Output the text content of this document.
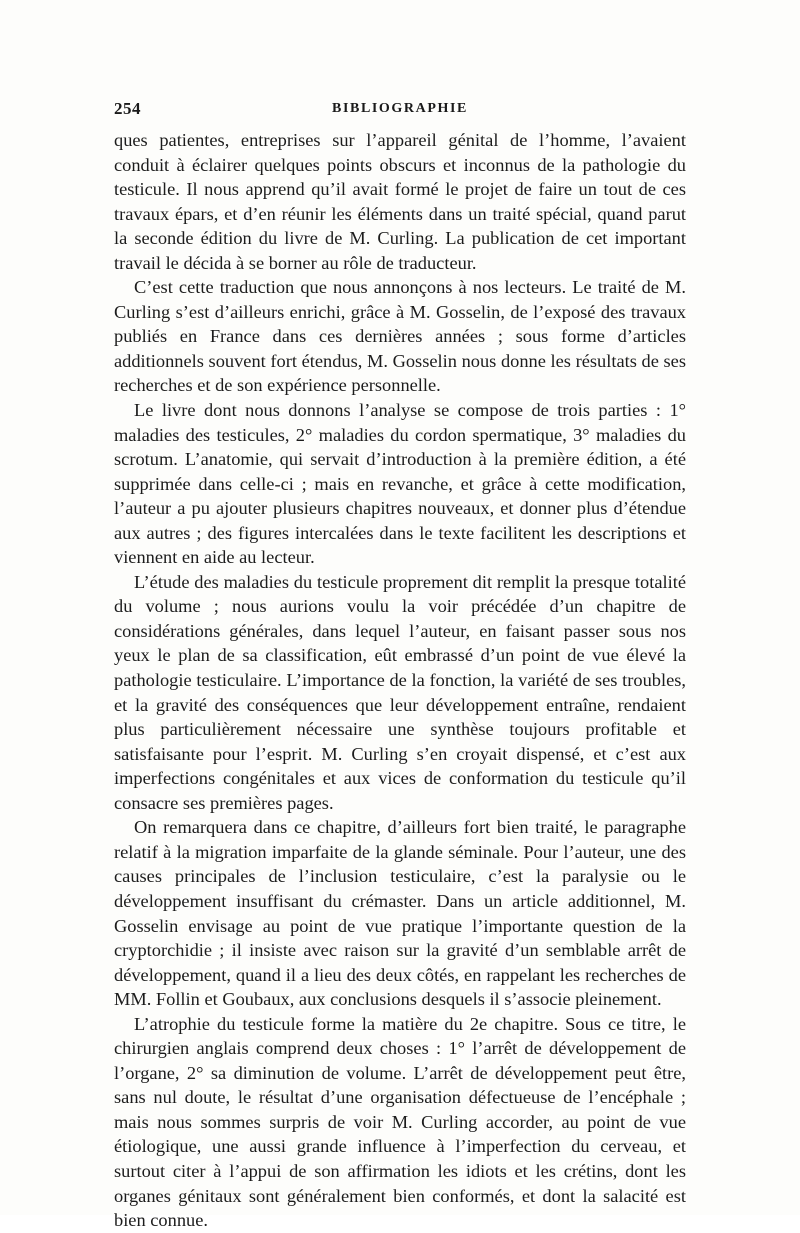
254	BIBLIOGRAPHIE

ques patientes, entreprises sur l’appareil génital de l’homme, l’avaient conduit à éclairer quelques points obscurs et inconnus de la pathologie du testicule. Il nous apprend qu’il avait formé le projet de faire un tout de ces travaux épars, et d’en réunir les éléments dans un traité spécial, quand parut la seconde édition du livre de M. Curling. La publication de cet important travail le décida à se borner au rôle de traducteur.

C’est cette traduction que nous annonçons à nos lecteurs. Le traité de M. Curling s’est d’ailleurs enrichi, grâce à M. Gosselin, de l’exposé des travaux publiés en France dans ces dernières années ; sous forme d’articles additionnels souvent fort étendus, M. Gosselin nous donne les résultats de ses recherches et de son expérience personnelle.

Le livre dont nous donnons l’analyse se compose de trois parties : 1° maladies des testicules, 2° maladies du cordon spermatique, 3° maladies du scrotum. L’anatomie, qui servait d’introduction à la première édition, a été supprimée dans celle-ci ; mais en revanche, et grâce à cette modification, l’auteur a pu ajouter plusieurs chapitres nouveaux, et donner plus d’étendue aux autres ; des figures intercalées dans le texte facilitent les descriptions et viennent en aide au lecteur.

L’étude des maladies du testicule proprement dit remplit la presque totalité du volume ; nous aurions voulu la voir précédée d’un chapitre de considérations générales, dans lequel l’auteur, en faisant passer sous nos yeux le plan de sa classification, eût embrassé d’un point de vue élevé la pathologie testiculaire. L’importance de la fonction, la variété de ses troubles, et la gravité des conséquences que leur développement entraîne, rendaient plus particulièrement nécessaire une synthèse toujours profitable et satisfaisante pour l’esprit. M. Curling s’en croyait dispensé, et c’est aux imperfections congénitales et aux vices de conformation du testicule qu’il consacre ses premières pages.

On remarquera dans ce chapitre, d’ailleurs fort bien traité, le paragraphe relatif à la migration imparfaite de la glande séminale. Pour l’auteur, une des causes principales de l’inclusion testiculaire, c’est la paralysie ou le développement insuffisant du crémaster. Dans un article additionnel, M. Gosselin envisage au point de vue pratique l’importante question de la cryptorchidie ; il insiste avec raison sur la gravité d’un semblable arrêt de développement, quand il a lieu des deux côtés, en rappelant les recherches de MM. Follin et Goubaux, aux conclusions desquels il s’associe pleinement.

L’atrophie du testicule forme la matière du 2e chapitre. Sous ce titre, le chirurgien anglais comprend deux choses : 1° l’arrêt de développement de l’organe, 2° sa diminution de volume. L’arrêt de développement peut être, sans nul doute, le résultat d’une organisation défectueuse de l’encéphale ; mais nous sommes surpris de voir M. Curling accorder, au point de vue étiologique, une aussi grande influence à l’imperfection du cerveau, et surtout citer à l’appui de son affirmation les idiots et les crétins, dont les organes génitaux sont généralement bien conformés, et dont la salacité est bien connue.
